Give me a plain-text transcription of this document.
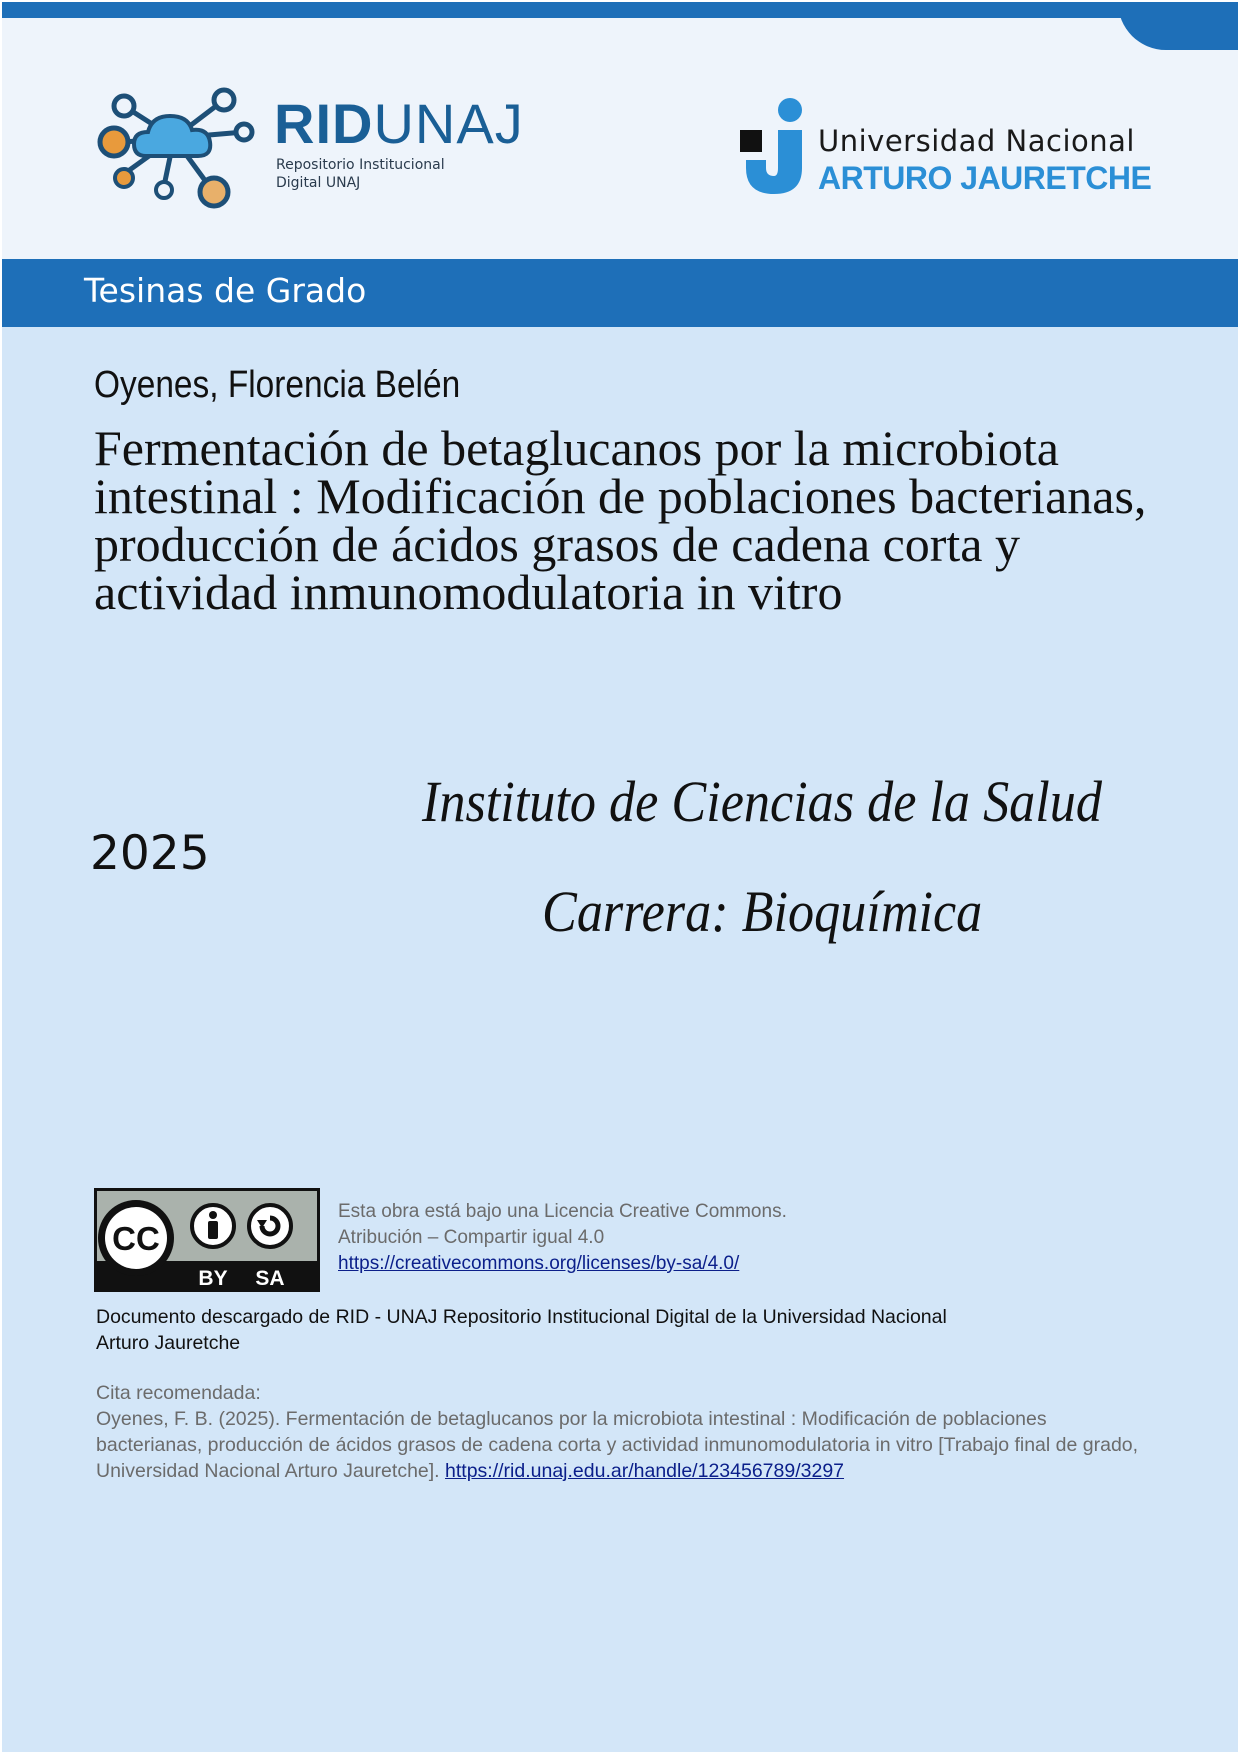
RIDUNAJ
Repositorio Institucional
Digital UNAJ
Universidad Nacional
ARTURO JAURETCHE
Tesinas de Grado
Oyenes, Florencia Belén
Fermentación de betaglucanos por la microbiota intestinal : Modificación de poblaciones bacterianas, producción de ácidos grasos de cadena corta y actividad inmunomodulatoria in vitro
Instituto de Ciencias de la Salud
2025
Carrera: Bioquímica
CC
BY SA
Esta obra está bajo una Licencia Creative Commons.
Atribución – Compartir igual 4.0
https://creativecommons.org/licenses/by-sa/4.0/
Documento descargado de RID - UNAJ Repositorio Institucional Digital de la Universidad Nacional Arturo Jauretche
Cita recomendada:
Oyenes, F. B. (2025). Fermentación de betaglucanos por la microbiota intestinal : Modificación de poblaciones bacterianas, producción de ácidos grasos de cadena corta y actividad inmunomodulatoria in vitro [Trabajo final de grado, Universidad Nacional Arturo Jauretche]. https://rid.unaj.edu.ar/handle/123456789/3297
